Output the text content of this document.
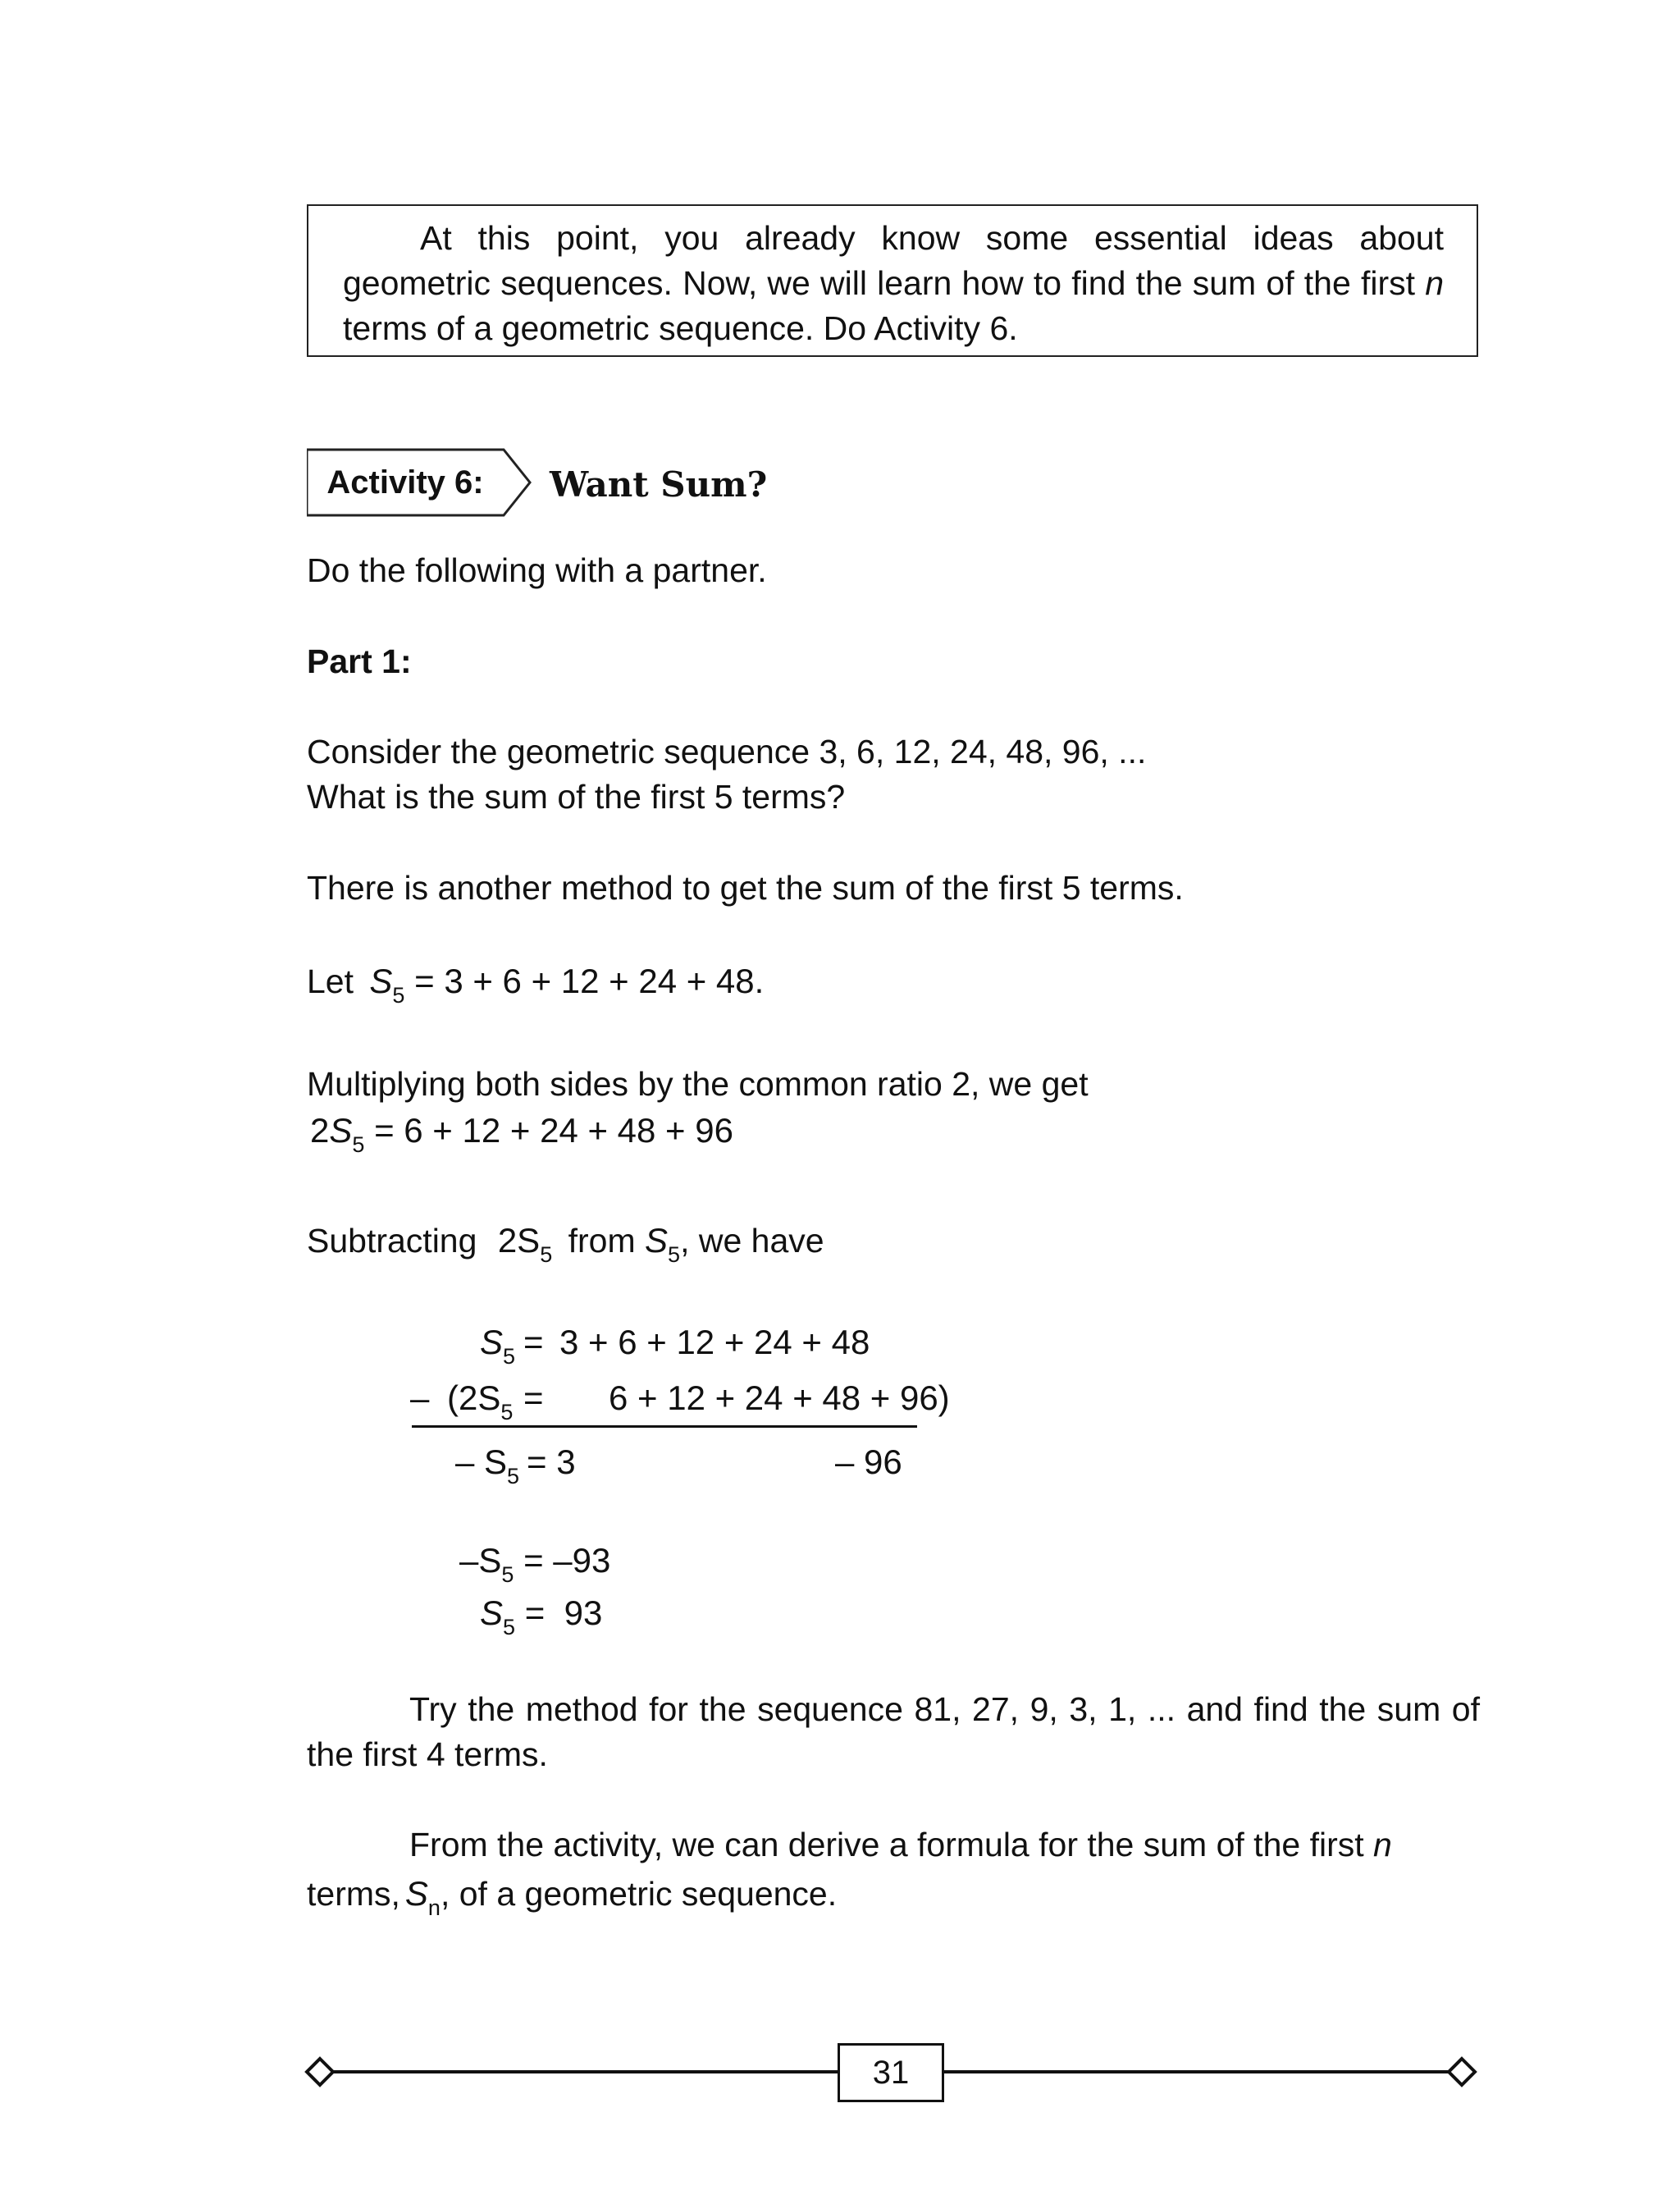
At this point, you already know some essential ideas about geometric sequences. Now, we will learn how to find the sum of the first n terms of a geometric sequence. Do Activity 6.

Activity 6:	Want Sum?
Do the following with a partner.
Part 1:
Consider the geometric sequence 3, 6, 12, 24, 48, 96, ...
What is the sum of the first 5 terms?
There is another method to get the sum of the first 5 terms.
Let $S_5 = 3 + 6 + 12 + 24 + 48$.
Multiplying both sides by the common ratio 2, we get
$2S_5 = 6 + 12 + 24 + 48 + 96$
Subtracting $2S_5$ from $S_5$, we have
$S_5 = 3 + 6 + 12 + 24 + 48$
– $(2S_5 = 6 + 12 + 24 + 48 + 96)$
– $S_5 = 3$	– 96
$-S_5 = -93$
$S_5 = 93$
Try the method for the sequence 81, 27, 9, 3, 1, ... and find the sum of the first 4 terms.
From the activity, we can derive a formula for the sum of the first n
terms, $S_n$, of a geometric sequence.
31
